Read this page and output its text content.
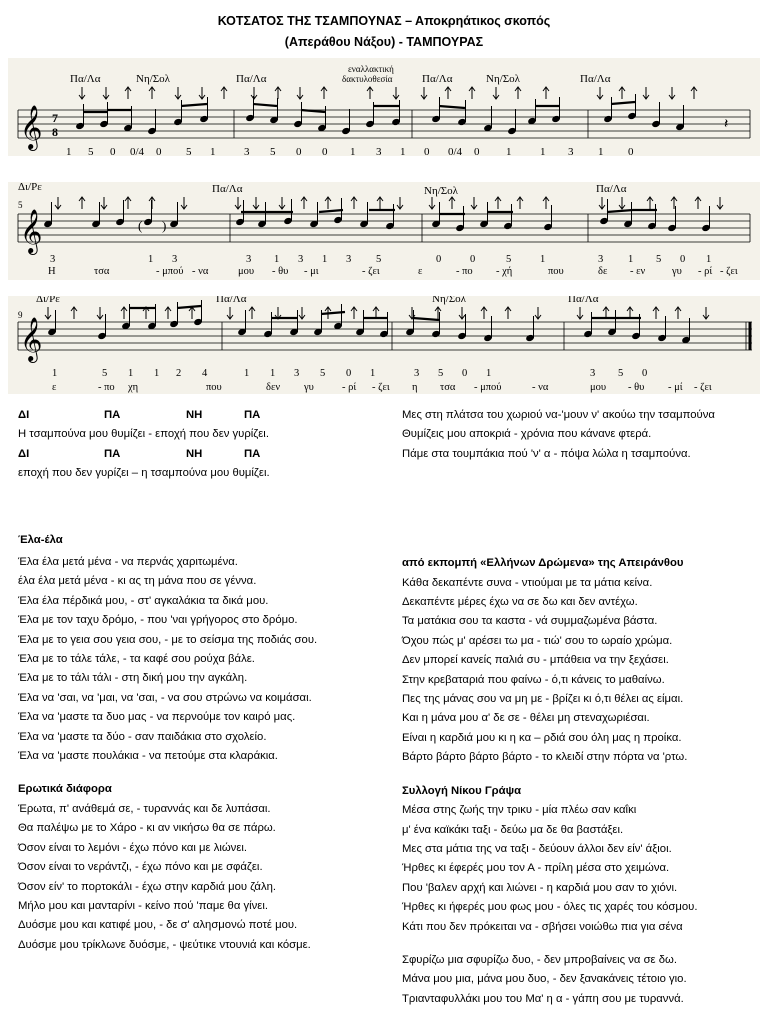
ΚΟΤΣΑΤΟΣ ΤΗΣ ΤΣΑΜΠΟΥΝΑΣ – Αποκρηάτικος σκοπός
(Απεράθου Νάξου) - ΤΑΜΠΟΥΡΑΣ
𝄞 7
8
εναλλακτική
δακτυλοθεσία
Πα/Λα	Νη/Σολ	Πα/Λα	Πα/Λα	Νη/Σολ	Πα/Λα
𝄽
1 5 0 0/4 0 5 1	3 5 0 0 1 3 1 0 0/4 0 1	1 3 1 0
𝄞
5
Δι/Ρε	Πα/Λα	Νη/Σολ	Πα/Λα
( )
3	1 3	3 1 3 1 3 5	0	0	5	1	3 1 5 0 1
Η	τσα	- μπού - να	μου - θυ - μι	- ζει	ε	- πο - χή	που	δε - εν	γυ - ρί - ζει
𝄞
9
Δι/Ρε	Πα/Λα	Νη/Σολ	Πα/Λα
1	5 1 1 2 4	1 1 3 5 0 1	3 5 0 1	3 5 0
ε	- πο χη	που	δεν γυ	- ρί - ζει η τσα - μπού	- να	μου - θυ - μί - ζει
ΔΙ	ΠΑ	ΝΗ	ΠΑ
Η τσαμπούνα μου θυμίζει - εποχή που δεν γυρίζει.
ΔΙ	ΠΑ	ΝΗ	ΠΑ
εποχή που δεν γυρίζει – η τσαμπούνα μου θυμίζει.
Έλα-έλα
Έλα έλα μετά μένα - να περνάς χαριτωμένα.
έλα έλα μετά μένα - κι ας τη μάνα που σε γέννα.
Έλα έλα πέρδικά μου, - στ' αγκαλάκια τα δικά μου.
Έλα με τον ταχυ δρόμο, - που 'ναι γρήγορος στο δρόμο.
Έλα με το γεια σου γεια σου, - με το σείσμα της ποδιάς σου.
Έλα με το τάλε τάλε, - τα καφέ σου ρούχα βάλε.
Έλα με το τάλι τάλι - στη δική μου την αγκάλη.
Έλα να 'σαι, να 'μαι, να 'σαι, - να σου στρώνω να κοιμάσαι.
Έλα να 'μαστε τα δυο μας - να περνούμε τον καιρό μας.
Έλα να 'μαστε τα δύο - σαν παιδάκια στο σχολείο.
Έλα να 'μαστε πουλάκια - να πετούμε στα κλαράκια.
Ερωτικά διάφορα
Έρωτα, π' ανάθεμά σε, - τυραννάς και δε λυπάσαι.
Θα παλέψω με το Χάρο - κι αν νικήσω θα σε πάρω.
Όσον είναι το λεμόνι - έχω πόνο και με λιώνει.
Όσον είναι το νεράντζι, - έχω πόνο και με σφάζει.
Όσον είν' το πορτοκάλι - έχω στην καρδιά μου ζάλη.
Μήλο μου και μανταρίνι - κείνο πού 'παμε θα γίνει.
Δυόσμε μου και κατιφέ μου, - δε σ' αλησμονώ ποτέ μου.
Δυόσμε μου τρίκλωνε δυόσμε, - ψεύτικε ντουνιά και κόσμε.
Μες στη πλάτσα του χωριού να-'μουν ν' ακούω την τσαμπούνα
Θυμίζεις μου αποκριά - χρόνια που κάνανε φτερά.
Πάμε στα τουμπάκια πού 'ν' α - πόψα λώλα η τσαμπούνα.
από εκπομπή «Ελλήνων Δρώμενα» της Απειράνθου
Κάθα δεκαπέντε συνα - ντιούμαι με τα μάτια κείνα.
Δεκαπέντε μέρες έχω να σε δω και δεν αντέχω.
Τα ματάκια σου τα καστα - νά συμμαζωμένα βάστα.
Όχου πώς μ' αρέσει τω μα - τιώ' σου το ωραίο χρώμα.
Δεν μπορεί κανείς παλιά συ - μπάθεια να την ξεχάσει.
Στην κρεβαταριά που φαίνω - ό,τι κάνεις το μαθαίνω.
Πες της μάνας σου να μη με - βρίζει κι ό,τι θέλει ας είμαι.
Και η μάνα μου α' δε σε - θέλει μη στεναχωριέσαι.
Είναι η καρδιά μου κι η κα – ρδιά σου όλη μας η προίκα.
Βάρτο βάρτο βάρτο βάρτο - το κλειδί στην πόρτα να 'ρτω.
Συλλογή Νίκου Γράψα
Μέσα στης ζωής την τρικυ - μία πλέω σαν καΐκι
μ' ένα καϊκάκι ταξι - δεύω μα δε θα βαστάξει.
Μες στα μάτια της να ταξι - δεύουν άλλοι δεν είν' άξιοι.
Ήρθες κι έφερές μου τον Α - πρίλη μέσα στο χειμώνα.
Που 'βαλεν αρχή και λιώνει - η καρδιά μου σαν το χιόνι.
Ήρθες κι ήφερές μου φως μου - όλες τις χαρές του κόσμου.
Κάτι που δεν πρόκειται να - σβήσει νοιώθω πια για σένα
Σφυρίζω μια σφυρίζω δυο, - δεν μπροβαίνεις να σε δω.
Μάνα μου μια, μάνα μου δυο, - δεν ξανακάνεις τέτοιο γιο.
Τριανταφυλλάκι μου του Μα' η α - γάπη σου με τυραννά.
